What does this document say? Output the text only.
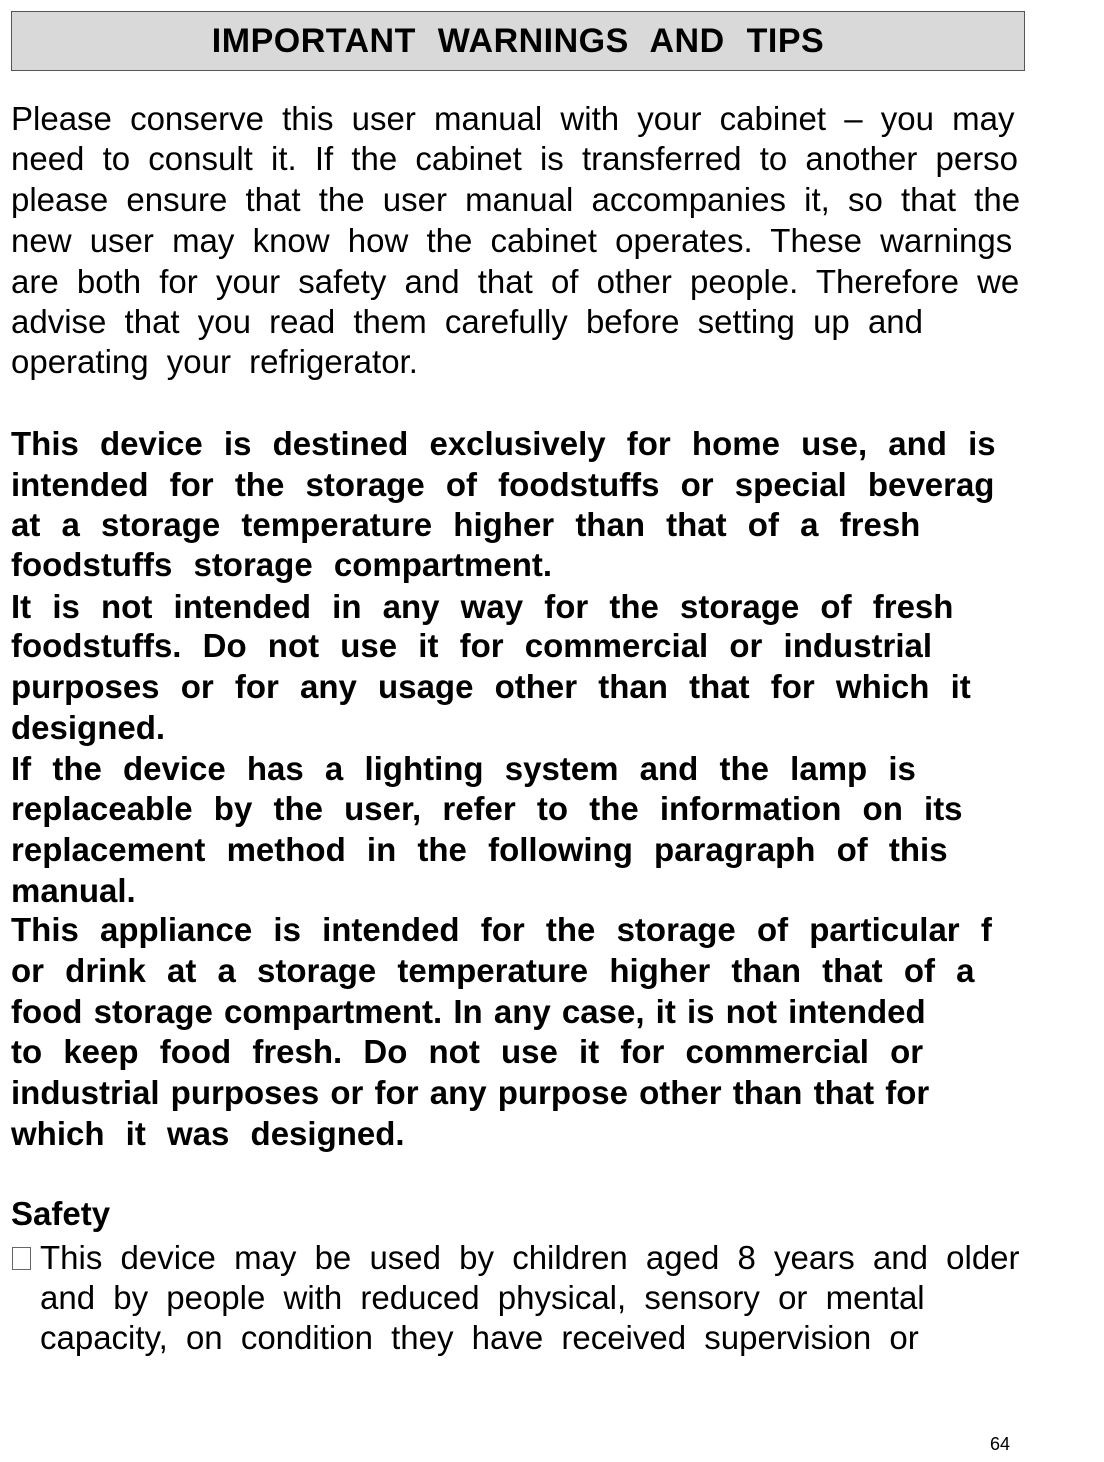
IMPORTANT WARNINGS AND TIPS
Please conserve this user manual with your cabinet – you may
need to consult it. If the cabinet is transferred to another perso
please ensure that the user manual accompanies it, so that the
new user may know how the cabinet operates. These warnings
are both for your safety and that of other people. Therefore we
advise that you read them carefully before setting up and
operating your refrigerator.
This device is destined exclusively for home use, and is
intended for the storage of foodstuffs or special beverag
at a storage temperature higher than that of a fresh
foodstuffs storage compartment.
It is not intended in any way for the storage of fresh
foodstuffs. Do not use it for commercial or industrial
purposes or for any usage other than that for which it
designed.
If the device has a lighting system and the lamp is
replaceable by the user, refer to the information on its
replacement method in the following paragraph of this
manual.
This appliance is intended for the storage of particular f
or drink at a storage temperature higher than that of a
food storage compartment. In any case, it is not intended
to keep food fresh. Do not use it for commercial or
industrial purposes or for any purpose other than that for
which it was designed.
Safety
This device may be used by children aged 8 years and older
and by people with reduced physical, sensory or mental
capacity, on condition they have received supervision or
64
